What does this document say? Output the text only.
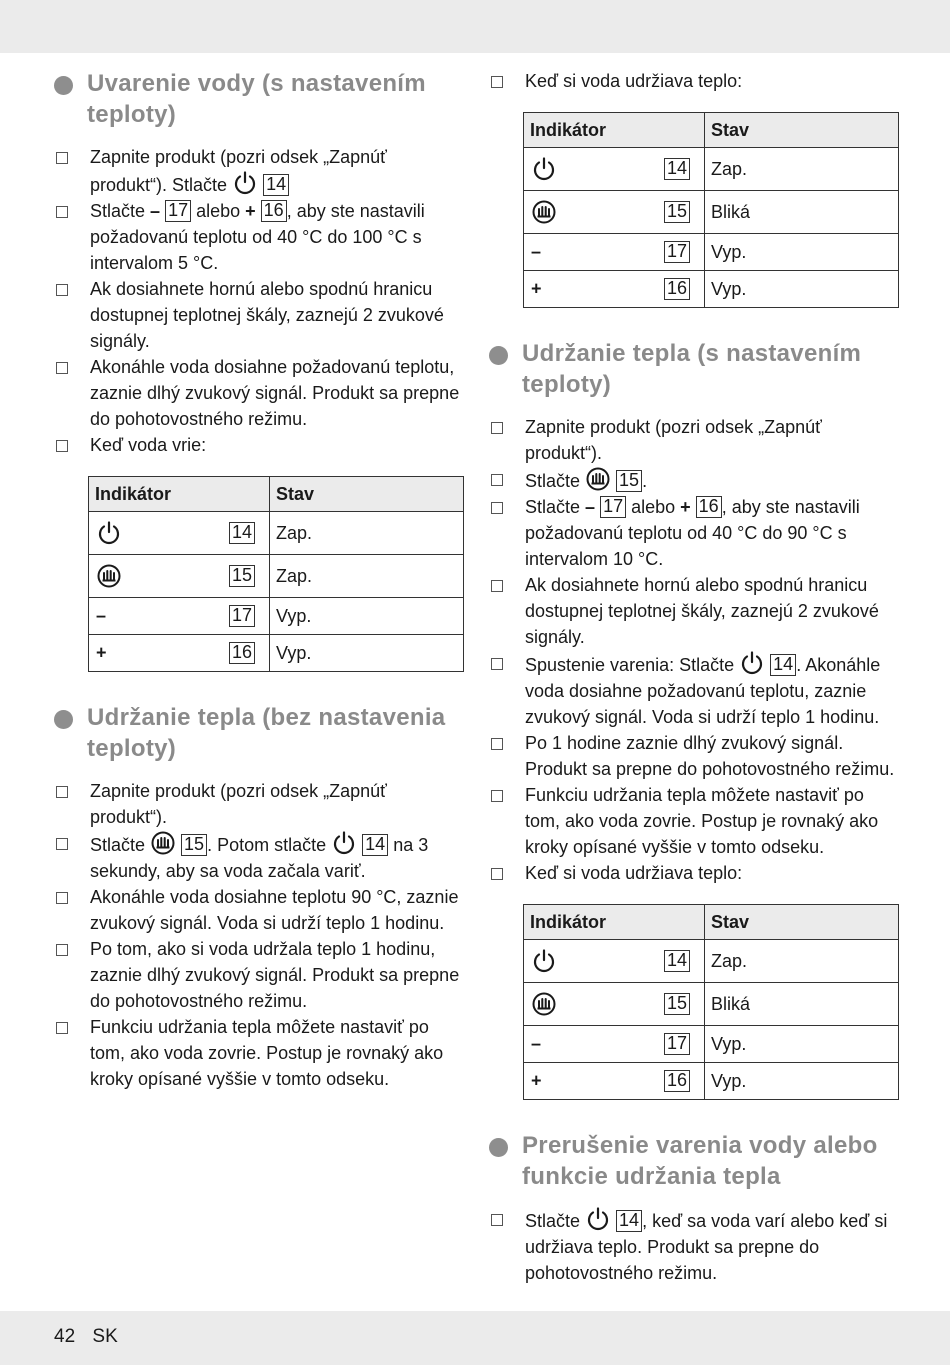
Uvarenie vody (s nastavením teploty)
Zapnite produkt (pozri odsek „Zapnúť produkt“). Stlačte
14
Stlačte – 17 alebo + 16 , aby ste nastavili požadovanú teplotu od 40 °C do 100 °C s intervalom 5 °C.
Ak dosiahnete hornú alebo spodnú hranicu dostupnej teplotnej škály, zaznejú 2 zvukové signály.
Akonáhle voda dosiahne požadovanú teplotu, zaznie dlhý zvukový signál. Produkt sa prepne do pohotovostného režimu.
Keď voda vrie:
Indikátor	Stav

14	Zap.

15	Zap.

– 17	Vyp.

+ 16	Vyp.
Udržanie tepla (bez nastavenia teploty)
Zapnite produkt (pozri odsek „Zapnúť produkt“).
Stlačte
15 . Potom stlačte
14 na 3 sekundy, aby sa voda začala variť.
Akonáhle voda dosiahne teplotu 90 °C, zaznie zvukový signál. Voda si udrží teplo 1 hodinu.
Po tom, ako si voda udržala teplo 1 hodinu, zaznie dlhý zvukový signál. Produkt sa prepne do pohotovostného režimu.
Funkciu udržania tepla môžete nastaviť po tom, ako voda zovrie. Postup je rovnaký ako kroky opísané vyššie v tomto odseku.
Keď si voda udržiava teplo:
Indikátor	Stav

14	Zap.

15	Bliká

– 17	Vyp.

+ 16	Vyp.
Udržanie tepla (s nastavením teploty)
Zapnite produkt (pozri odsek „Zapnúť produkt“).
Stlačte
15 .
Stlačte – 17 alebo + 16 , aby ste nastavili požadovanú teplotu od 40 °C do 90 °C s intervalom 10 °C.
Ak dosiahnete hornú alebo spodnú hranicu dostupnej teplotnej škály, zaznejú 2 zvukové signály.
Spustenie varenia: Stlačte
14 . Akonáhle voda dosiahne požadovanú teplotu, zaznie zvukový signál. Voda si udrží teplo 1 hodinu.
Po 1 hodine zaznie dlhý zvukový signál. Produkt sa prepne do pohotovostného režimu.
Funkciu udržania tepla môžete nastaviť po tom, ako voda zovrie. Postup je rovnaký ako kroky opísané vyššie v tomto odseku.
Keď si voda udržiava teplo:
Indikátor	Stav

14	Zap.

15	Bliká

– 17	Vyp.

+ 16	Vyp.
Prerušenie varenia vody alebo funkcie udržania tepla
Stlačte
14 , keď sa voda varí alebo keď si udržiava teplo. Produkt sa prepne do pohotovostného režimu.
42 SK
